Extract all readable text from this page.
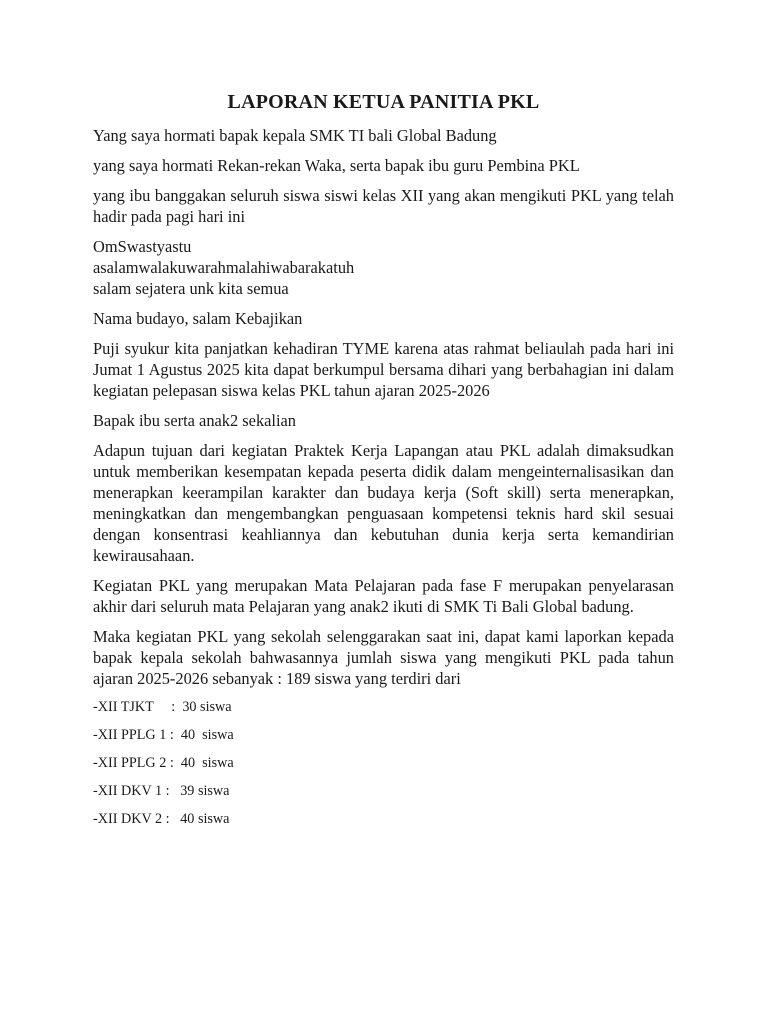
LAPORAN KETUA PANITIA PKL

Yang saya hormati bapak kepala SMK TI bali Global Badung

yang saya hormati Rekan-rekan Waka, serta bapak ibu guru Pembina PKL

yang ibu banggakan seluruh siswa siswi kelas XII yang akan mengikuti PKL yang telah hadir pada pagi hari ini

OmSwastyastu
asalamwalakuwarahmalahiwabarakatuh
salam sejatera unk kita semua

Nama budayo, salam Kebajikan

Puji syukur kita panjatkan kehadiran TYME karena atas rahmat beliaulah pada hari ini Jumat 1 Agustus 2025 kita dapat berkumpul bersama dihari yang berbahagian ini dalam kegiatan pelepasan siswa kelas PKL tahun ajaran 2025-2026

Bapak ibu serta anak2 sekalian

Adapun tujuan dari kegiatan Praktek Kerja Lapangan atau PKL adalah dimaksudkan untuk memberikan kesempatan kepada peserta didik dalam mengeinternalisasikan dan menerapkan keerampilan karakter dan budaya kerja (Soft skill) serta menerapkan, meningkatkan dan mengembangkan penguasaan kompetensi teknis hard skil sesuai dengan konsentrasi keahliannya dan kebutuhan dunia kerja serta kemandirian kewirausahaan.

Kegiatan PKL yang merupakan Mata Pelajaran pada fase F merupakan penyelarasan akhir dari seluruh mata Pelajaran yang anak2 ikuti di SMK Ti Bali Global badung.

Maka kegiatan PKL yang sekolah selenggarakan saat ini, dapat kami laporkan kepada bapak kepala sekolah bahwasannya jumlah siswa yang mengikuti PKL pada tahun ajaran 2025-2026 sebanyak : 189 siswa yang terdiri dari

-XII TJKT     :  30 siswa
-XII PPLG 1 :  40  siswa
-XII PPLG 2 :  40  siswa
-XII DKV 1 :   39 siswa
-XII DKV 2 :   40 siswa
